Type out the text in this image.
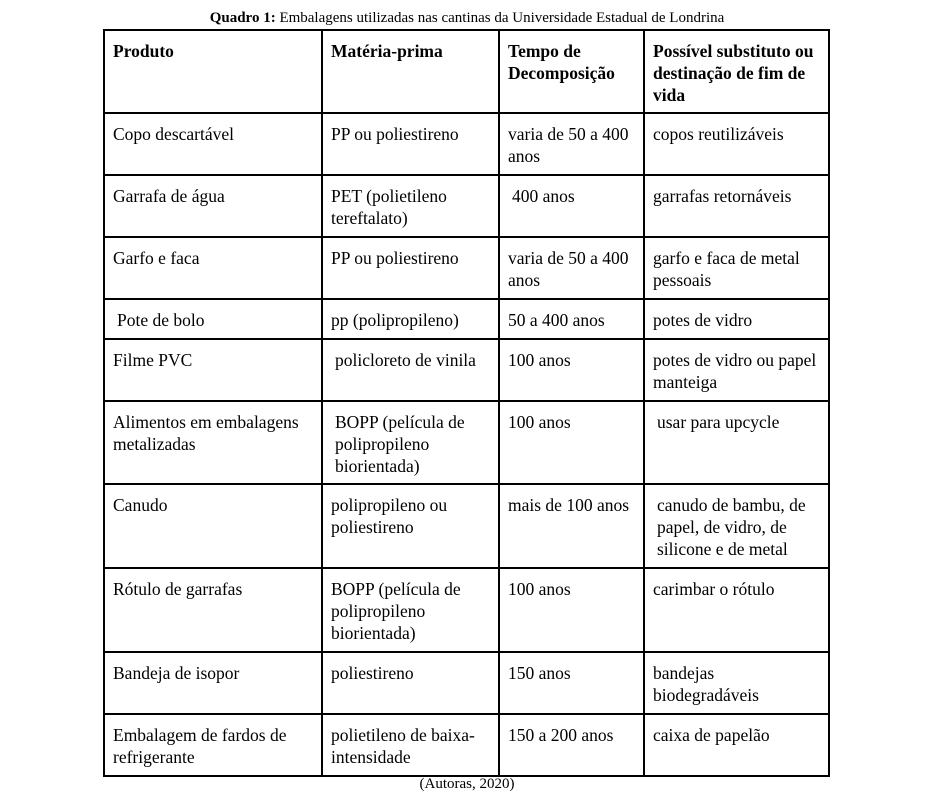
Quadro 1: Embalagens utilizadas nas cantinas da Universidade Estadual de Londrina
Produto	Matéria-prima	Tempo de Decomposição	Possível substituto ou destinação de fim de vida
Copo descartável	PP ou poliestireno	varia de 50 a 400 anos	copos reutilizáveis
Garrafa de água	PET (polietileno tereftalato)	400 anos	garrafas retornáveis
Garfo e faca	PP ou poliestireno	varia de 50 a 400 anos	garfo e faca de metal pessoais
Pote de bolo	pp (polipropileno)	50 a 400 anos	potes de vidro
Filme PVC	policloreto de vinila	100 anos	potes de vidro ou papel manteiga
Alimentos em embalagens metalizadas	BOPP (película de polipropileno biorientada)	100 anos	usar para upcycle
Canudo	polipropileno ou poliestireno	mais de 100 anos	canudo de bambu, de papel, de vidro, de silicone e de metal
Rótulo de garrafas	BOPP (película de polipropileno biorientada)	100 anos	carimbar o rótulo
Bandeja de isopor	poliestireno	150 anos	bandejas biodegradáveis
Embalagem de fardos de refrigerante	polietileno de baixa-intensidade	150 a 200 anos	caixa de papelão
(Autoras, 2020)
